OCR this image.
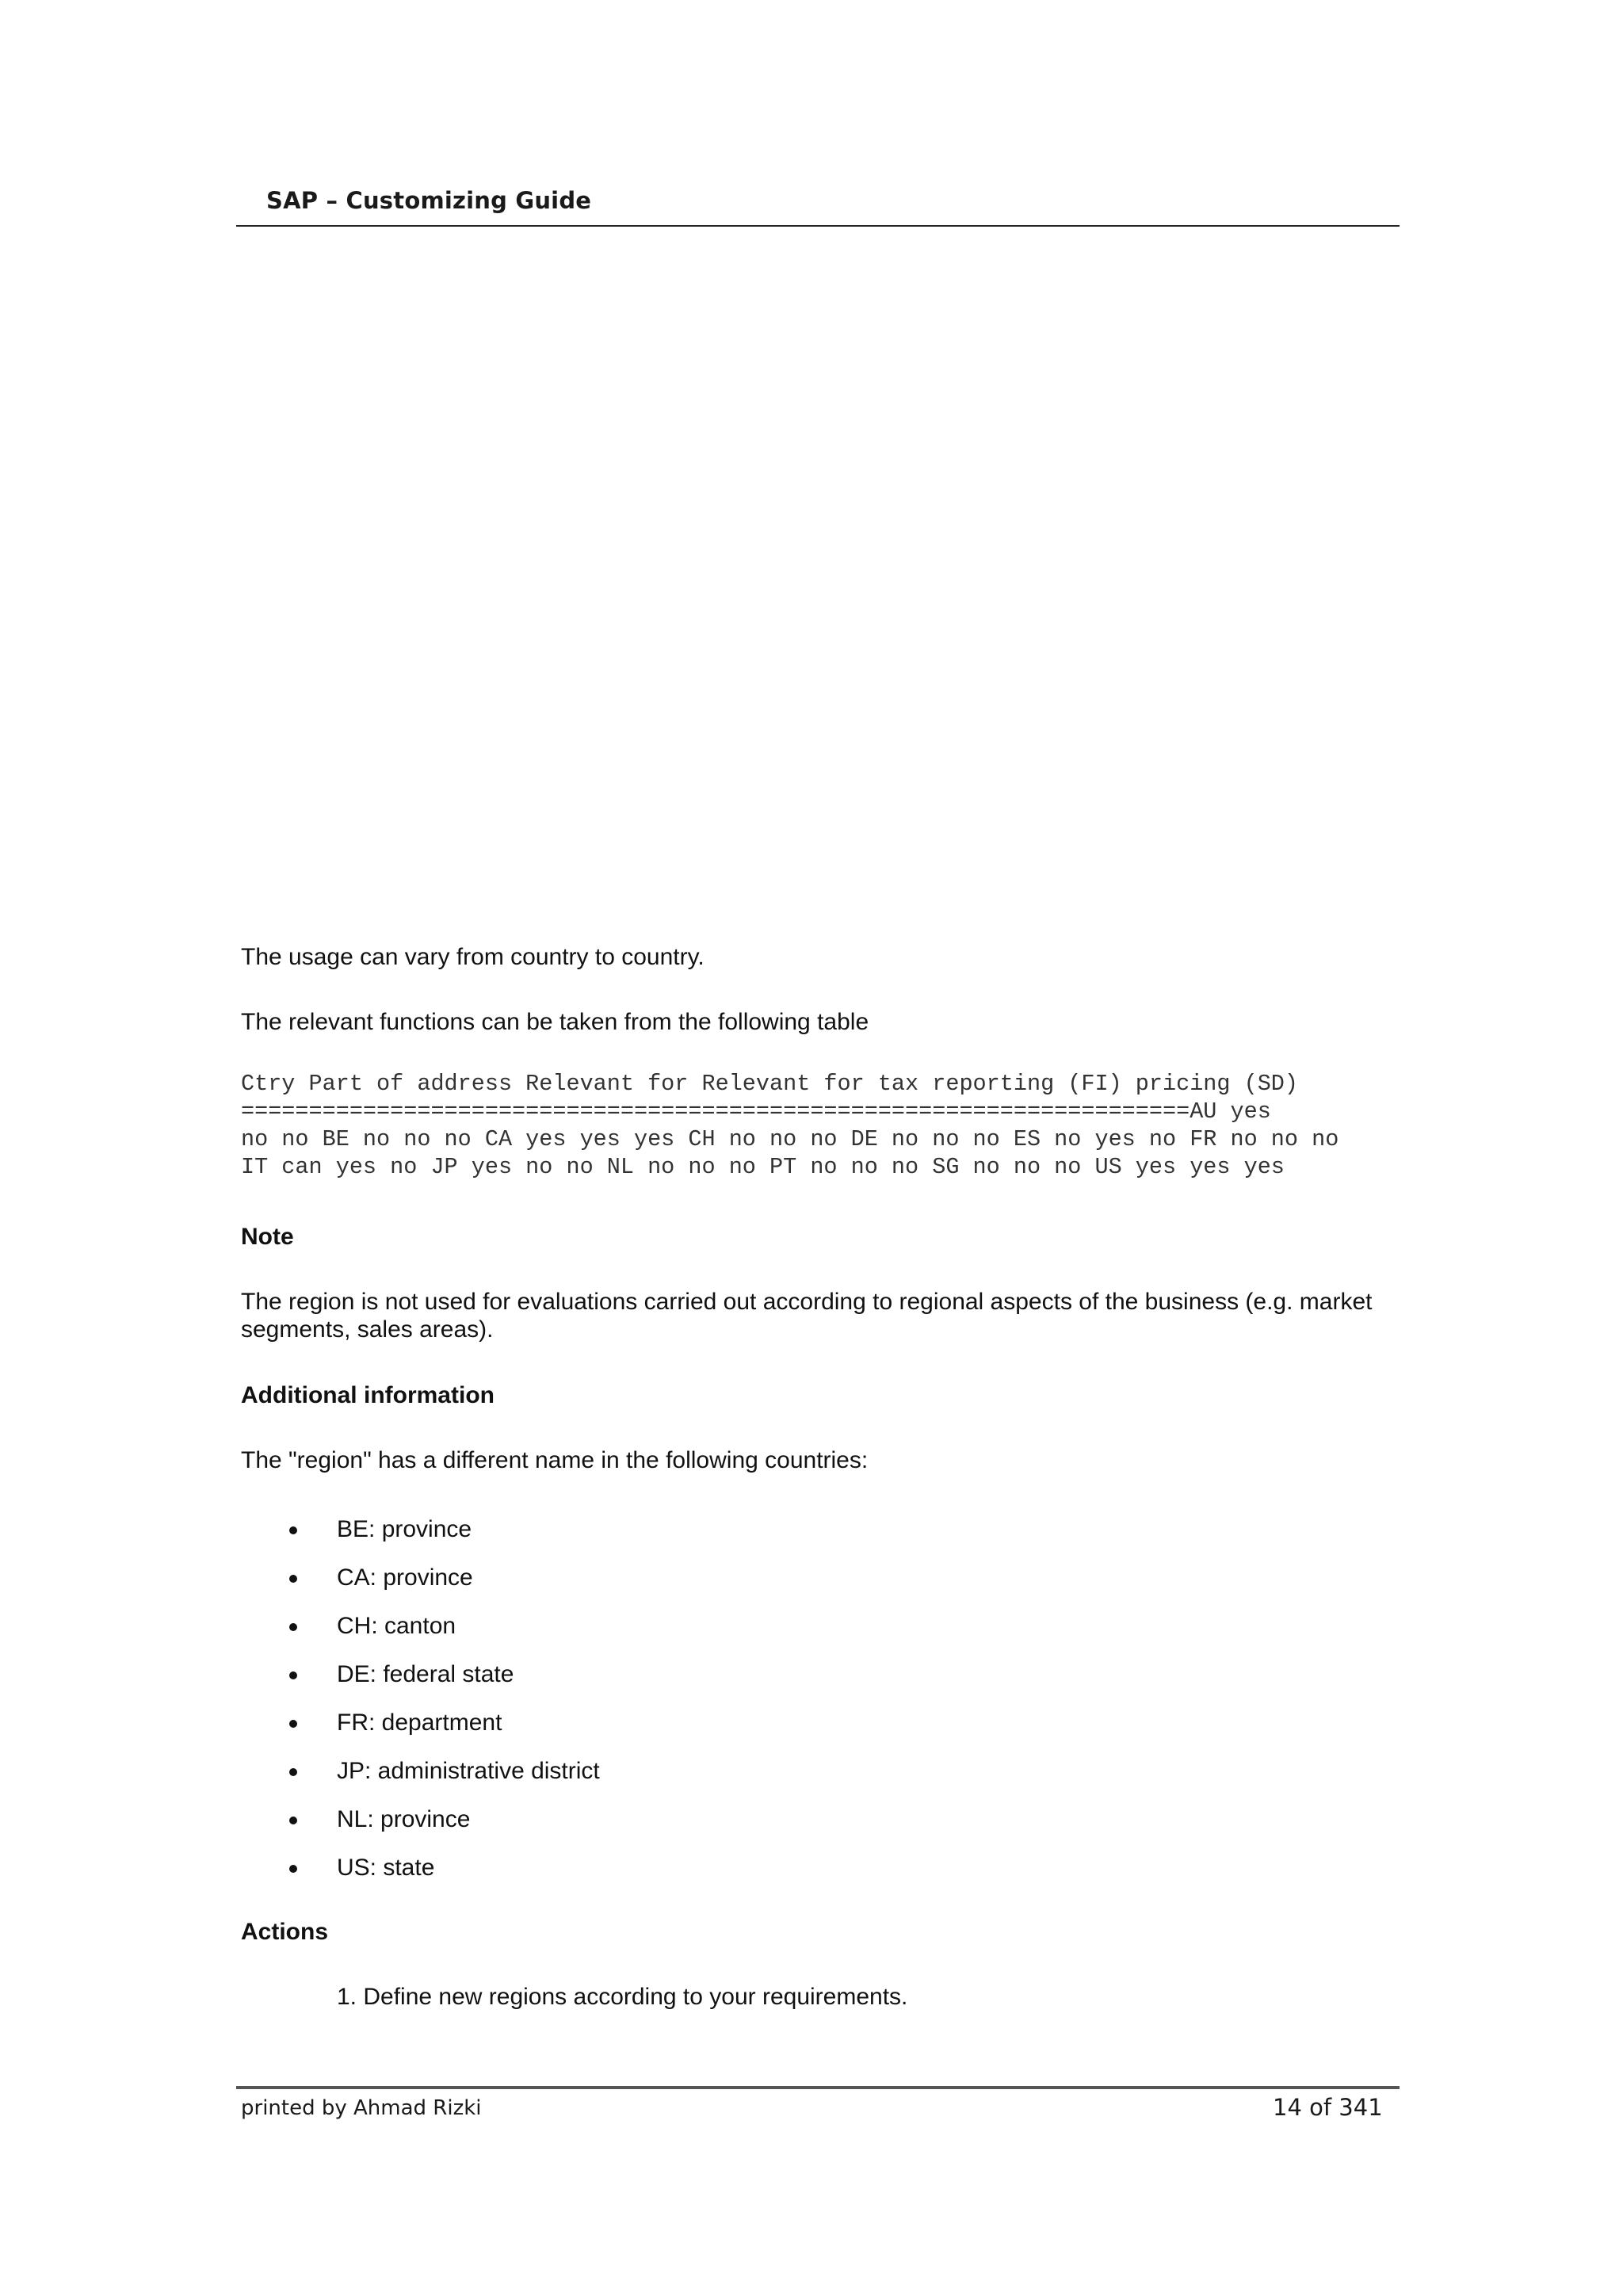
SAP – Customizing Guide
The usage can vary from country to country.
The relevant functions can be taken from the following table
Ctry Part of address Relevant for Relevant for tax reporting (FI) pricing (SD)
======================================================================AU yes
no no BE no no no CA yes yes yes CH no no no DE no no no ES no yes no FR no no no
IT can yes no JP yes no no NL no no no PT no no no SG no no no US yes yes yes
Note
The region is not used for evaluations carried out according to regional aspects of the business (e.g. market
segments, sales areas).
Additional information
The "region" has a different name in the following countries:
BE: province
CA: province
CH: canton
DE: federal state
FR: department
JP: administrative district
NL: province
US: state
Actions
1. Define new regions according to your requirements.
printed by Ahmad Rizki	14 of 341
